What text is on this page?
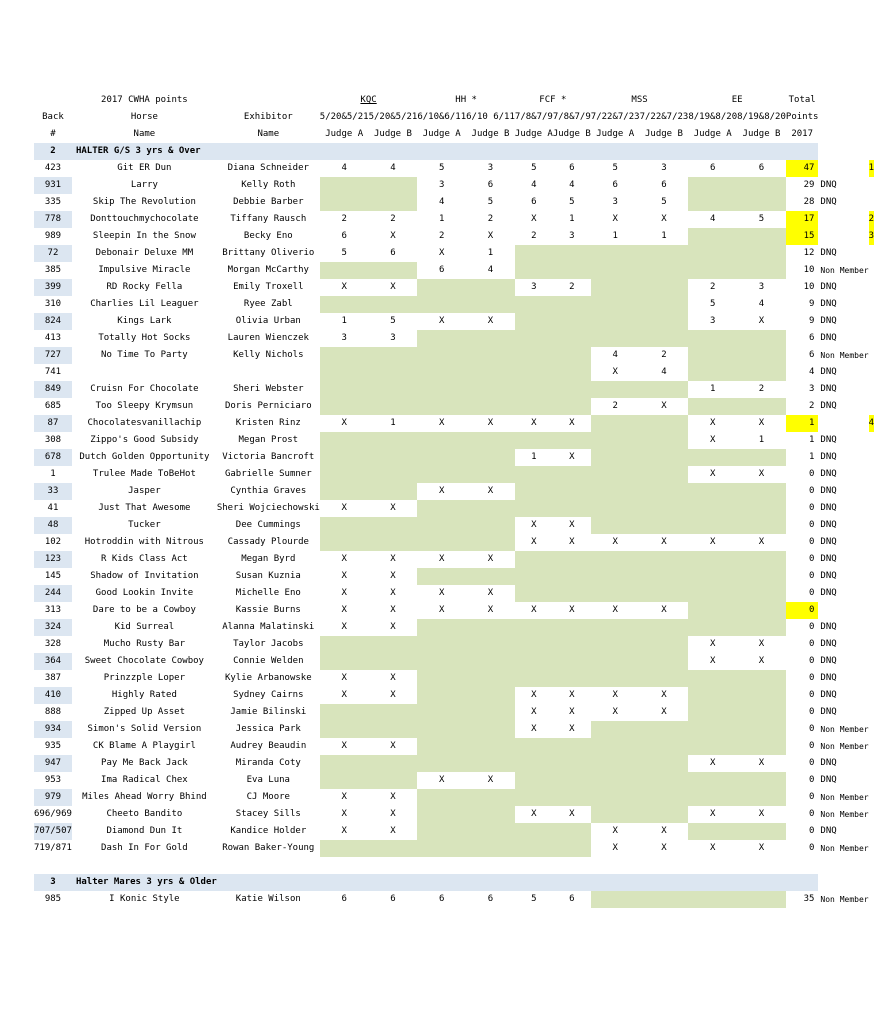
	2017 CWHA points		KQC		HH *		FCF *		MSS		EE		Total		
Back	Horse	Exhibitor	5/20&5/21	5/20&5/21	6/10&6/11	6/10 6/11	7/8&7/9	7/8&7/9	7/22&7/23	7/22&7/23	8/19&8/20	8/19&8/20	Points		
#	Name	Name	Judge A	Judge B	Judge A	Judge B	Judge A	Judge B	Judge A	Judge B	Judge A	Judge B	2017		
2	HALTER G/S 3 yrs & Over														
423	Git ER Dun	Diana Schneider	4	4	5	3	5	6	5	3	6	6	47		1
931	Larry	Kelly Roth			3	6	4	4	6	6			29	DNQ	
335	Skip The Revolution	Debbie Barber			4	5	6	5	3	5			28	DNQ	
778	Donttouchmychocolate	Tiffany Rausch	2	2	1	2	X	1	X	X	4	5	17		2
989	Sleepin In the Snow	Becky Eno	6	X	2	X	2	3	1	1			15		3
72	Debonair Deluxe MM	Brittany Oliverio	5	6	X	1							12	DNQ	
385	Impulsive Miracle	Morgan McCarthy			6	4							10	Non Member	
399	RD Rocky Fella	Emily Troxell	X	X			3	2			2	3	10	DNQ	
310	Charlies Lil Leaguer	Ryee Zabl									5	4	9	DNQ	
824	Kings Lark	Olivia Urban	1	5	X	X					3	X	9	DNQ	
413	Totally Hot Socks	Lauren Wienczek	3	3									6	DNQ	
727	No Time To Party	Kelly Nichols							4	2			6	Non Member	
741									X	4			4	DNQ	
849	Cruisn For Chocolate	Sheri Webster									1	2	3	DNQ	
685	Too Sleepy Krymsun	Doris Perniciaro							2	X			2	DNQ	
87	Chocolatesvanillachip	Kristen Rinz	X	1	X	X	X	X			X	X	1		4
308	Zippo's Good Subsidy	Megan Prost									X	1	1	DNQ	
678	Dutch Golden Opportunity	Victoria Bancroft					1	X					1	DNQ	
1	Trulee Made ToBeHot	Gabrielle Sumner									X	X	0	DNQ	
33	Jasper	Cynthia Graves			X	X							0	DNQ	
41	Just That Awesome	Sheri Wojciechowski	X	X									0	DNQ	
48	Tucker	Dee Cummings					X	X					0	DNQ	
102	Hotroddin with Nitrous	Cassady Plourde					X	X	X	X	X	X	0	DNQ	
123	R Kids Class Act	Megan Byrd	X	X	X	X							0	DNQ	
145	Shadow of Invitation	Susan Kuznia	X	X									0	DNQ	
244	Good Lookin Invite	Michelle Eno	X	X	X	X							0	DNQ	
313	Dare to be a Cowboy	Kassie Burns	X	X	X	X	X	X	X	X			0		
324	Kid Surreal	Alanna Malatinski	X	X									0	DNQ	
328	Mucho Rusty Bar	Taylor Jacobs									X	X	0	DNQ	
364	Sweet Chocolate Cowboy	Connie Welden									X	X	0	DNQ	
387	Prinzzple Loper	Kylie Arbanowske	X	X									0	DNQ	
410	Highly Rated	Sydney Cairns	X	X			X	X	X	X			0	DNQ	
888	Zipped Up Asset	Jamie Bilinski					X	X	X	X			0	DNQ	
934	Simon's Solid Version	Jessica Park					X	X					0	Non Member	
935	CK Blame A Playgirl	Audrey Beaudin	X	X									0	Non Member	
947	Pay Me Back Jack	Miranda Coty									X	X	0	DNQ	
953	Ima Radical Chex	Eva Luna			X	X							0	DNQ	
979	Miles Ahead Worry Bhind	CJ Moore	X	X									0	Non Member	
696/969	Cheeto Bandito	Stacey Sills	X	X			X	X			X	X	0	Non Member	
707/507	Diamond Dun It	Kandice Holder	X	X					X	X			0	DNQ	
719/871	Dash In For Gold	Rowan Baker-Young							X	X	X	X	0	Non Member	

3	Halter Mares 3 yrs & Older														
985	I Konic Style	Katie Wilson	6	6	6	6	5	6					35	Non Member	
